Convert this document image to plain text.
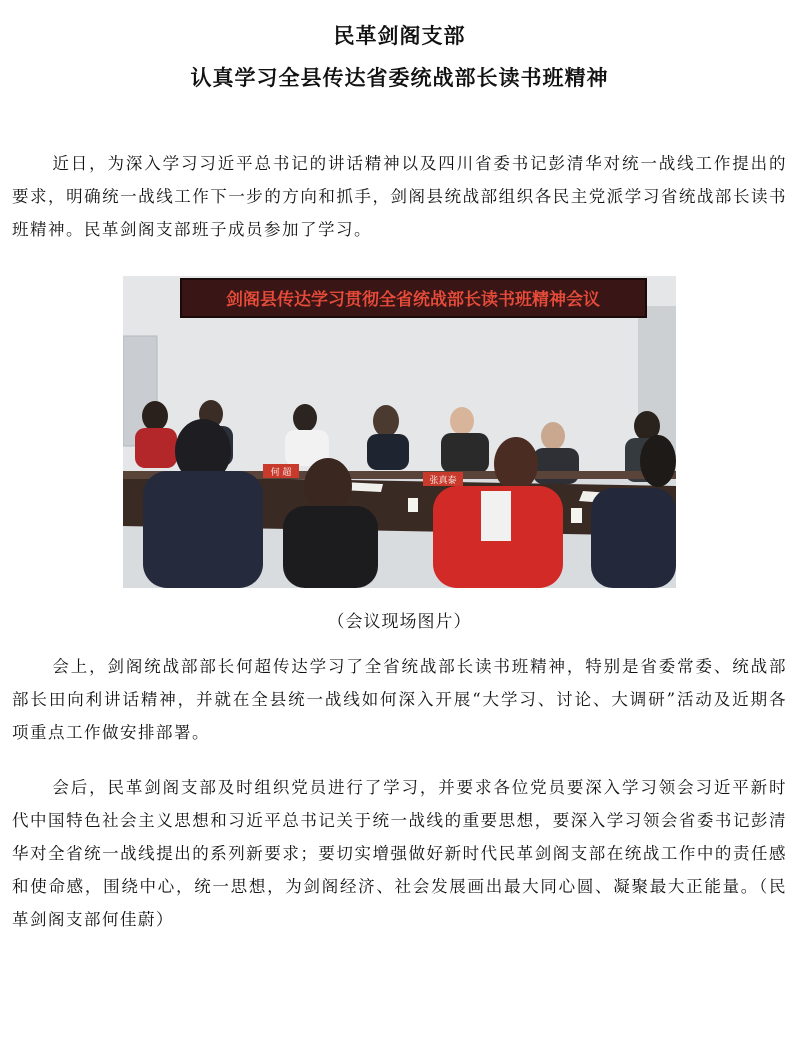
民革剑阁支部
认真学习全县传达省委统战部长读书班精神

近日，为深入学习习近平总书记的讲话精神以及四川省委书记彭清华对统一战线工作提出的要求，明确统一战线工作下一步的方向和抓手，剑阁县统战部组织各民主党派学习省统战部长读书班精神。民革剑阁支部班子成员参加了学习。

剑阁县传达学习贯彻全省统战部长读书班精神会议
何 超
张真泰
（会议现场图片）

会上，剑阁统战部部长何超传达学习了全省统战部长读书班精神，特别是省委常委、统战部部长田向利讲话精神，并就在全县统一战线如何深入开展“大学习、讨论、大调研”活动及近期各项重点工作做安排部署。

会后，民革剑阁支部及时组织党员进行了学习，并要求各位党员要深入学习领会习近平新时代中国特色社会主义思想和习近平总书记关于统一战线的重要思想，要深入学习领会省委书记彭清华对全省统一战线提出的系列新要求；要切实增强做好新时代民革剑阁支部在统战工作中的责任感和使命感，围绕中心，统一思想，为剑阁经济、社会发展画出最大同心圆、凝聚最大正能量。（民革剑阁支部何佳蔚）
